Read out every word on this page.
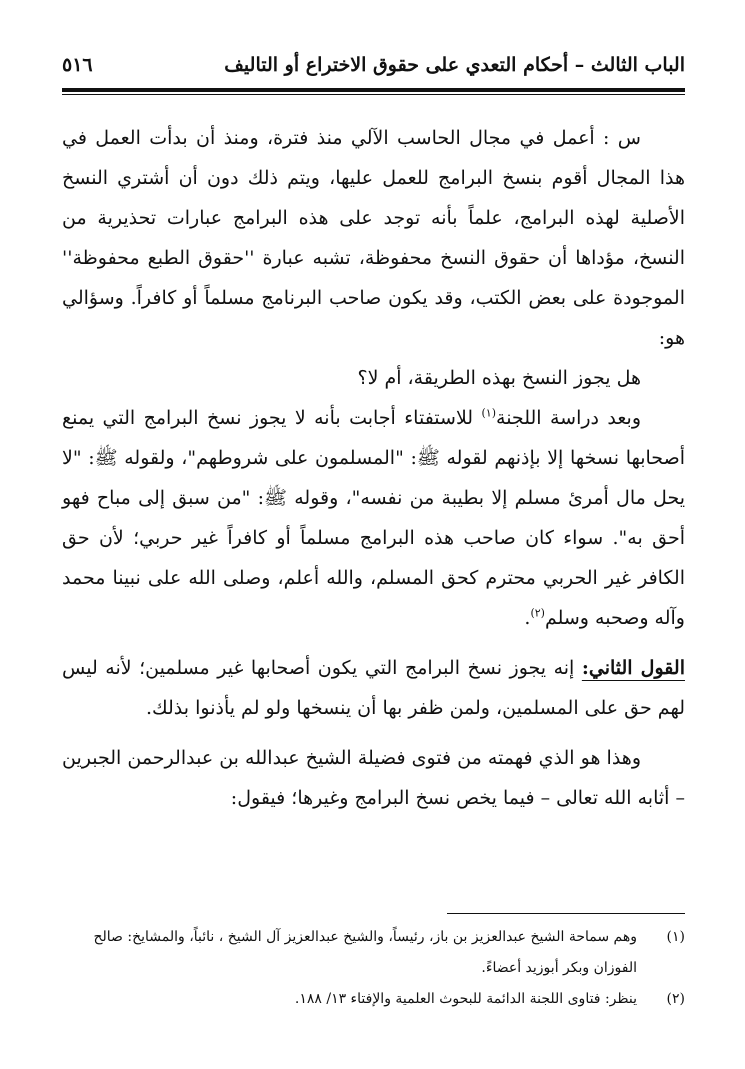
الباب الثالث – أحكام التعدي على حقوق الاختراع أو التاليف
٥١٦

س : أعمل في مجال الحاسب الآلي منذ فترة، ومنذ أن بدأت العمل في هذا المجال أقوم بنسخ البرامج للعمل عليها، ويتم ذلك دون أن أشتري النسخ الأصلية لهذه البرامج، علماً بأنه توجد على هذه البرامج عبارات تحذيرية من النسخ، مؤداها أن حقوق النسخ محفوظة، تشبه عبارة ''حقوق الطبع محفوظة'' الموجودة على بعض الكتب، وقد يكون صاحب البرنامج مسلماً أو كافراً. وسؤالي هو:

هل يجوز النسخ بهذه الطريقة، أم لا؟

وبعد دراسة اللجنة$^{(١)}$ للاستفتاء أجابت بأنه لا يجوز نسخ البرامج التي يمنع أصحابها نسخها إلا بإذنهم لقوله ﷺ: "المسلمون على شروطهم"، ولقوله ﷺ: "لا يحل مال أمرئ مسلم إلا بطيبة من نفسه"، وقوله ﷺ: "من سبق إلى مباح فهو أحق به". سواء كان صاحب هذه البرامج مسلماً أو كافراً غير حربي؛ لأن حق الكافر غير الحربي محترم كحق المسلم، والله أعلم، وصلى الله على نبينا محمد وآله وصحبه وسلم$^{(٢)}$.

القول الثاني: إنه يجوز نسخ البرامج التي يكون أصحابها غير مسلمين؛ لأنه ليس لهم حق على المسلمين، ولمن ظفر بها أن ينسخها ولو لم يأذنوا بذلك.

وهذا هو الذي فهمته من فتوى فضيلة الشيخ عبدالله بن عبدالرحمن الجبرين – أثابه الله تعالى – فيما يخص نسخ البرامج وغيرها؛ فيقول:

(١)
وهم سماحة الشيخ عبدالعزيز بن باز، رئيساً، والشيخ عبدالعزيز آل الشيخ ، نائباً، والمشايخ: صالح الفوزان وبكر أبوزيد أعضاءً.
(٢)
ينظر: فتاوى اللجنة الدائمة للبحوث العلمية والإفتاء ١٣/ ١٨٨.
